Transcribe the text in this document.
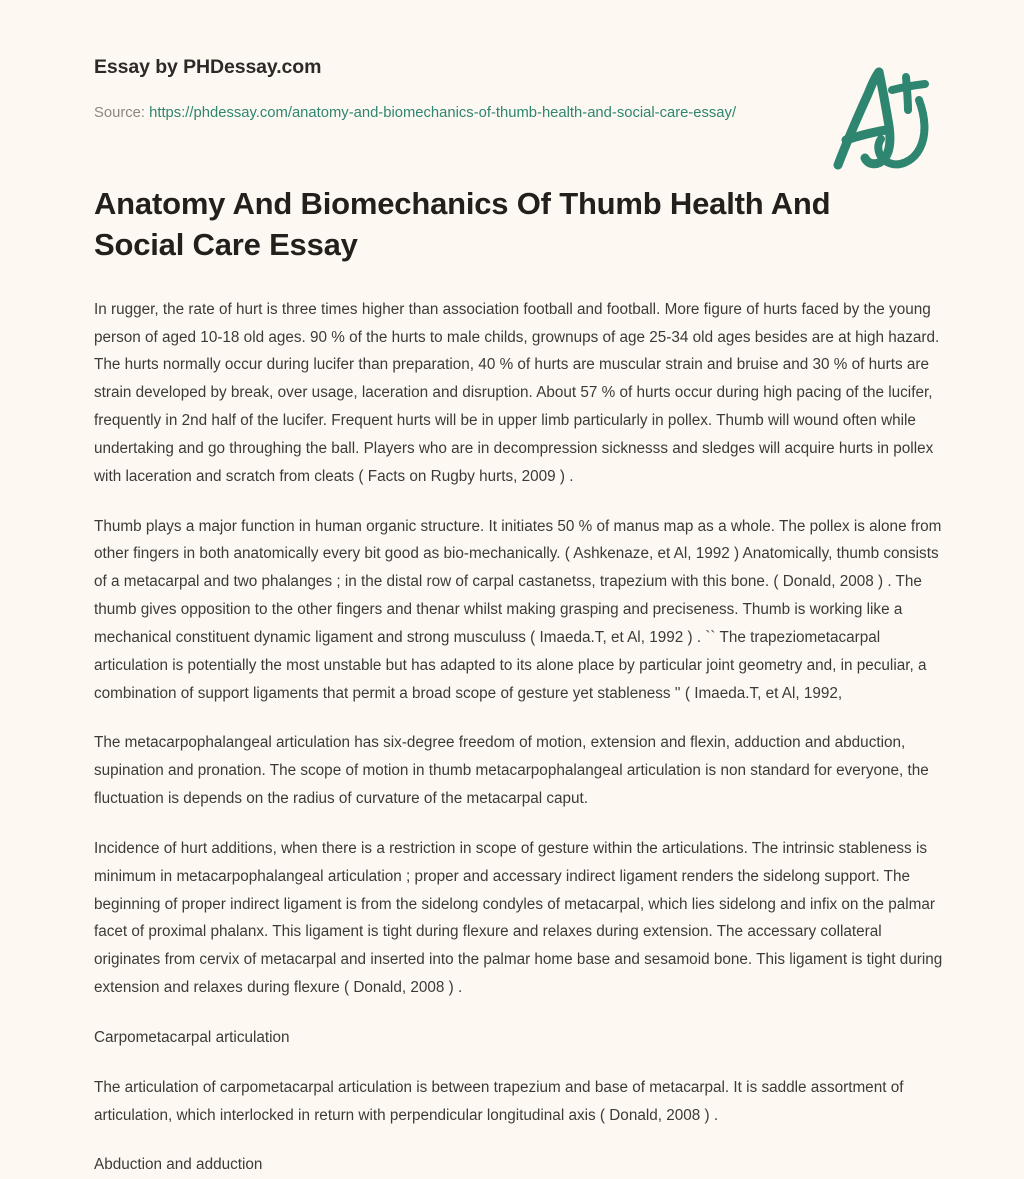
Essay by PHDessay.com
Source: https://phdessay.com/anatomy-and-biomechanics-of-thumb-health-and-social-care-essay/
Anatomy And Biomechanics Of Thumb Health And Social Care Essay

In rugger, the rate of hurt is three times higher than association football and football. More figure of hurts faced by the young person of aged 10-18 old ages. 90 % of the hurts to male childs, grownups of age 25-34 old ages besides are at high hazard. The hurts normally occur during lucifer than preparation, 40 % of hurts are muscular strain and bruise and 30 % of hurts are strain developed by break, over usage, laceration and disruption. About 57 % of hurts occur during high pacing of the lucifer, frequently in 2nd half of the lucifer. Frequent hurts will be in upper limb particularly in pollex. Thumb will wound often while undertaking and go throughing the ball. Players who are in decompression sicknesss and sledges will acquire hurts in pollex with laceration and scratch from cleats ( Facts on Rugby hurts, 2009 ) .

Thumb plays a major function in human organic structure. It initiates 50 % of manus map as a whole. The pollex is alone from other fingers in both anatomically every bit good as bio-mechanically. ( Ashkenaze, et Al, 1992 ) Anatomically, thumb consists of a metacarpal and two phalanges ; in the distal row of carpal castanetss, trapezium with this bone. ( Donald, 2008 ) . The thumb gives opposition to the other fingers and thenar whilst making grasping and preciseness. Thumb is working like a mechanical constituent dynamic ligament and strong musculuss ( Imaeda.T, et Al, 1992 ) . `` The trapeziometacarpal articulation is potentially the most unstable but has adapted to its alone place by particular joint geometry and, in peculiar, a combination of support ligaments that permit a broad scope of gesture yet stableness '' ( Imaeda.T, et Al, 1992,

The metacarpophalangeal articulation has six-degree freedom of motion, extension and flexin, adduction and abduction, supination and pronation. The scope of motion in thumb metacarpophalangeal articulation is non standard for everyone, the fluctuation is depends on the radius of curvature of the metacarpal caput.

Incidence of hurt additions, when there is a restriction in scope of gesture within the articulations. The intrinsic stableness is minimum in metacarpophalangeal articulation ; proper and accessary indirect ligament renders the sidelong support. The beginning of proper indirect ligament is from the sidelong condyles of metacarpal, which lies sidelong and infix on the palmar facet of proximal phalanx. This ligament is tight during flexure and relaxes during extension. The accessary collateral originates from cervix of metacarpal and inserted into the palmar home base and sesamoid bone. This ligament is tight during extension and relaxes during flexure ( Donald, 2008 ) .

Carpometacarpal articulation

The articulation of carpometacarpal articulation is between trapezium and base of metacarpal. It is saddle assortment of articulation, which interlocked in return with perpendicular longitudinal axis ( Donald, 2008 ) .

Abduction and adduction
